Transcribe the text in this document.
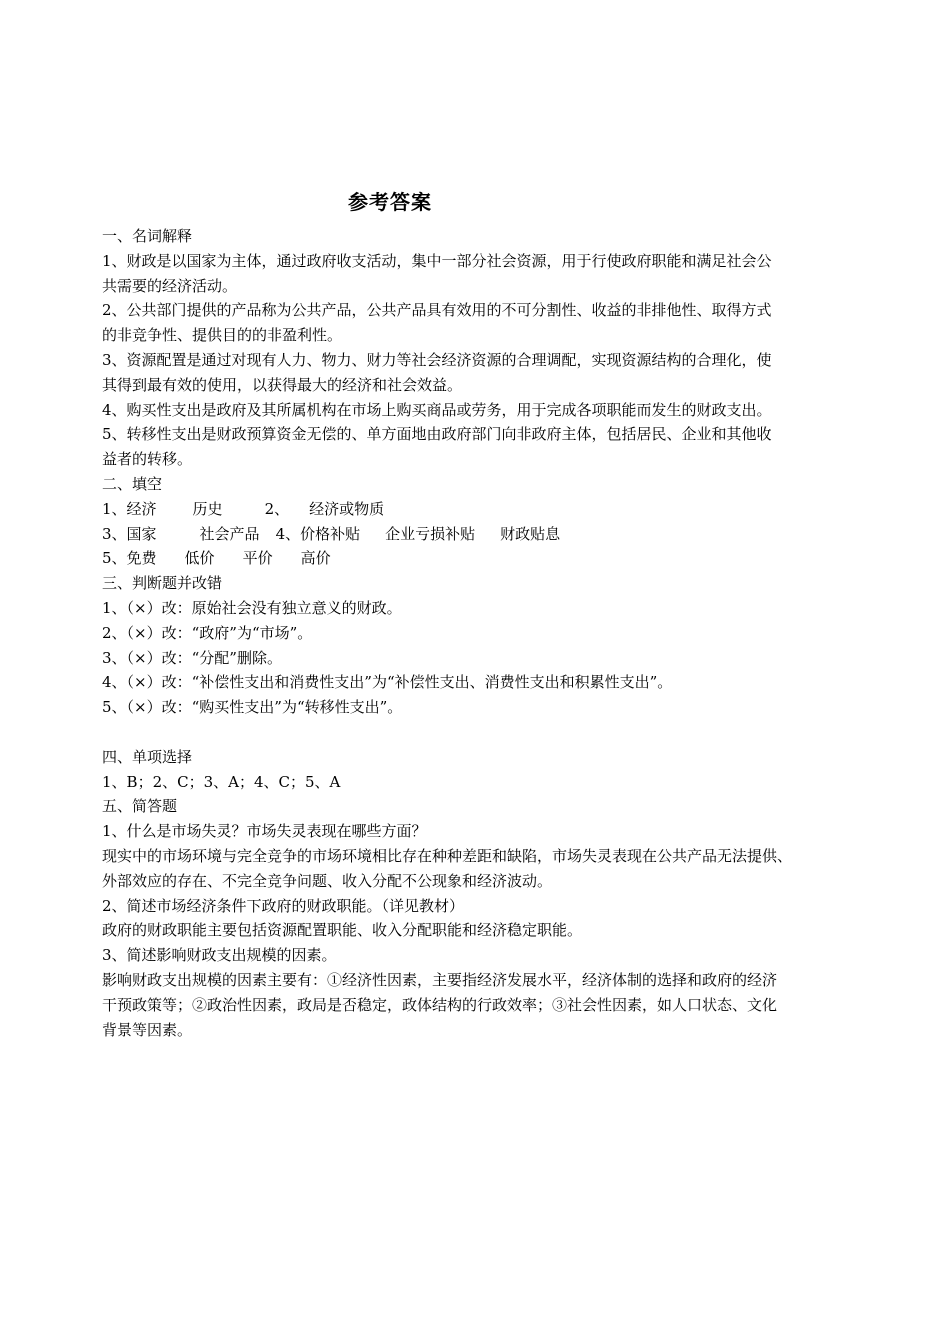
参考答案
一、名词解释
1、财政是以国家为主体，通过政府收支活动，集中一部分社会资源，用于行使政府职能和满足社会公
共需要的经济活动。
2、公共部门提供的产品称为公共产品，公共产品具有效用的不可分割性、收益的非排他性、取得方式
的非竞争性、提供目的的非盈利性。
3、资源配置是通过对现有人力、物力、财力等社会经济资源的合理调配，实现资源结构的合理化，使
其得到最有效的使用，以获得最大的经济和社会效益。
4、购买性支出是政府及其所属机构在市场上购买商品或劳务，用于完成各项职能而发生的财政支出。
5、转移性支出是财政预算资金无偿的、单方面地由政府部门向非政府主体，包括居民、企业和其他收
益者的转移。
二、填空
1、经济 历史	2、 经济或物质
3、国家	社会产品 4、价格补贴 企业亏损补贴 财政贴息
5、免费 低价 平价 高价
三、判断题并改错
1、（×）改：原始社会没有独立意义的财政。
2、（×）改：“政府”为“市场”。
3、（×）改：“分配”删除。
4、（×）改：“补偿性支出和消费性支出”为“补偿性支出、消费性支出和积累性支出”。
5、（×）改：“购买性支出”为“转移性支出”。
四、单项选择
1、B；2、C；3、A；4、C；5、A
五、简答题
1、什么是市场失灵？市场失灵表现在哪些方面？
现实中的市场环境与完全竞争的市场环境相比存在种种差距和缺陷，市场失灵表现在公共产品无法提供、
外部效应的存在、不完全竞争问题、收入分配不公现象和经济波动。
2、简述市场经济条件下政府的财政职能。（详见教材）
政府的财政职能主要包括资源配置职能、收入分配职能和经济稳定职能。
3、简述影响财政支出规模的因素。
影响财政支出规模的因素主要有：①经济性因素，主要指经济发展水平，经济体制的选择和政府的经济
干预政策等；②政治性因素，政局是否稳定，政体结构的行政效率；③社会性因素，如人口状态、文化
背景等因素。
